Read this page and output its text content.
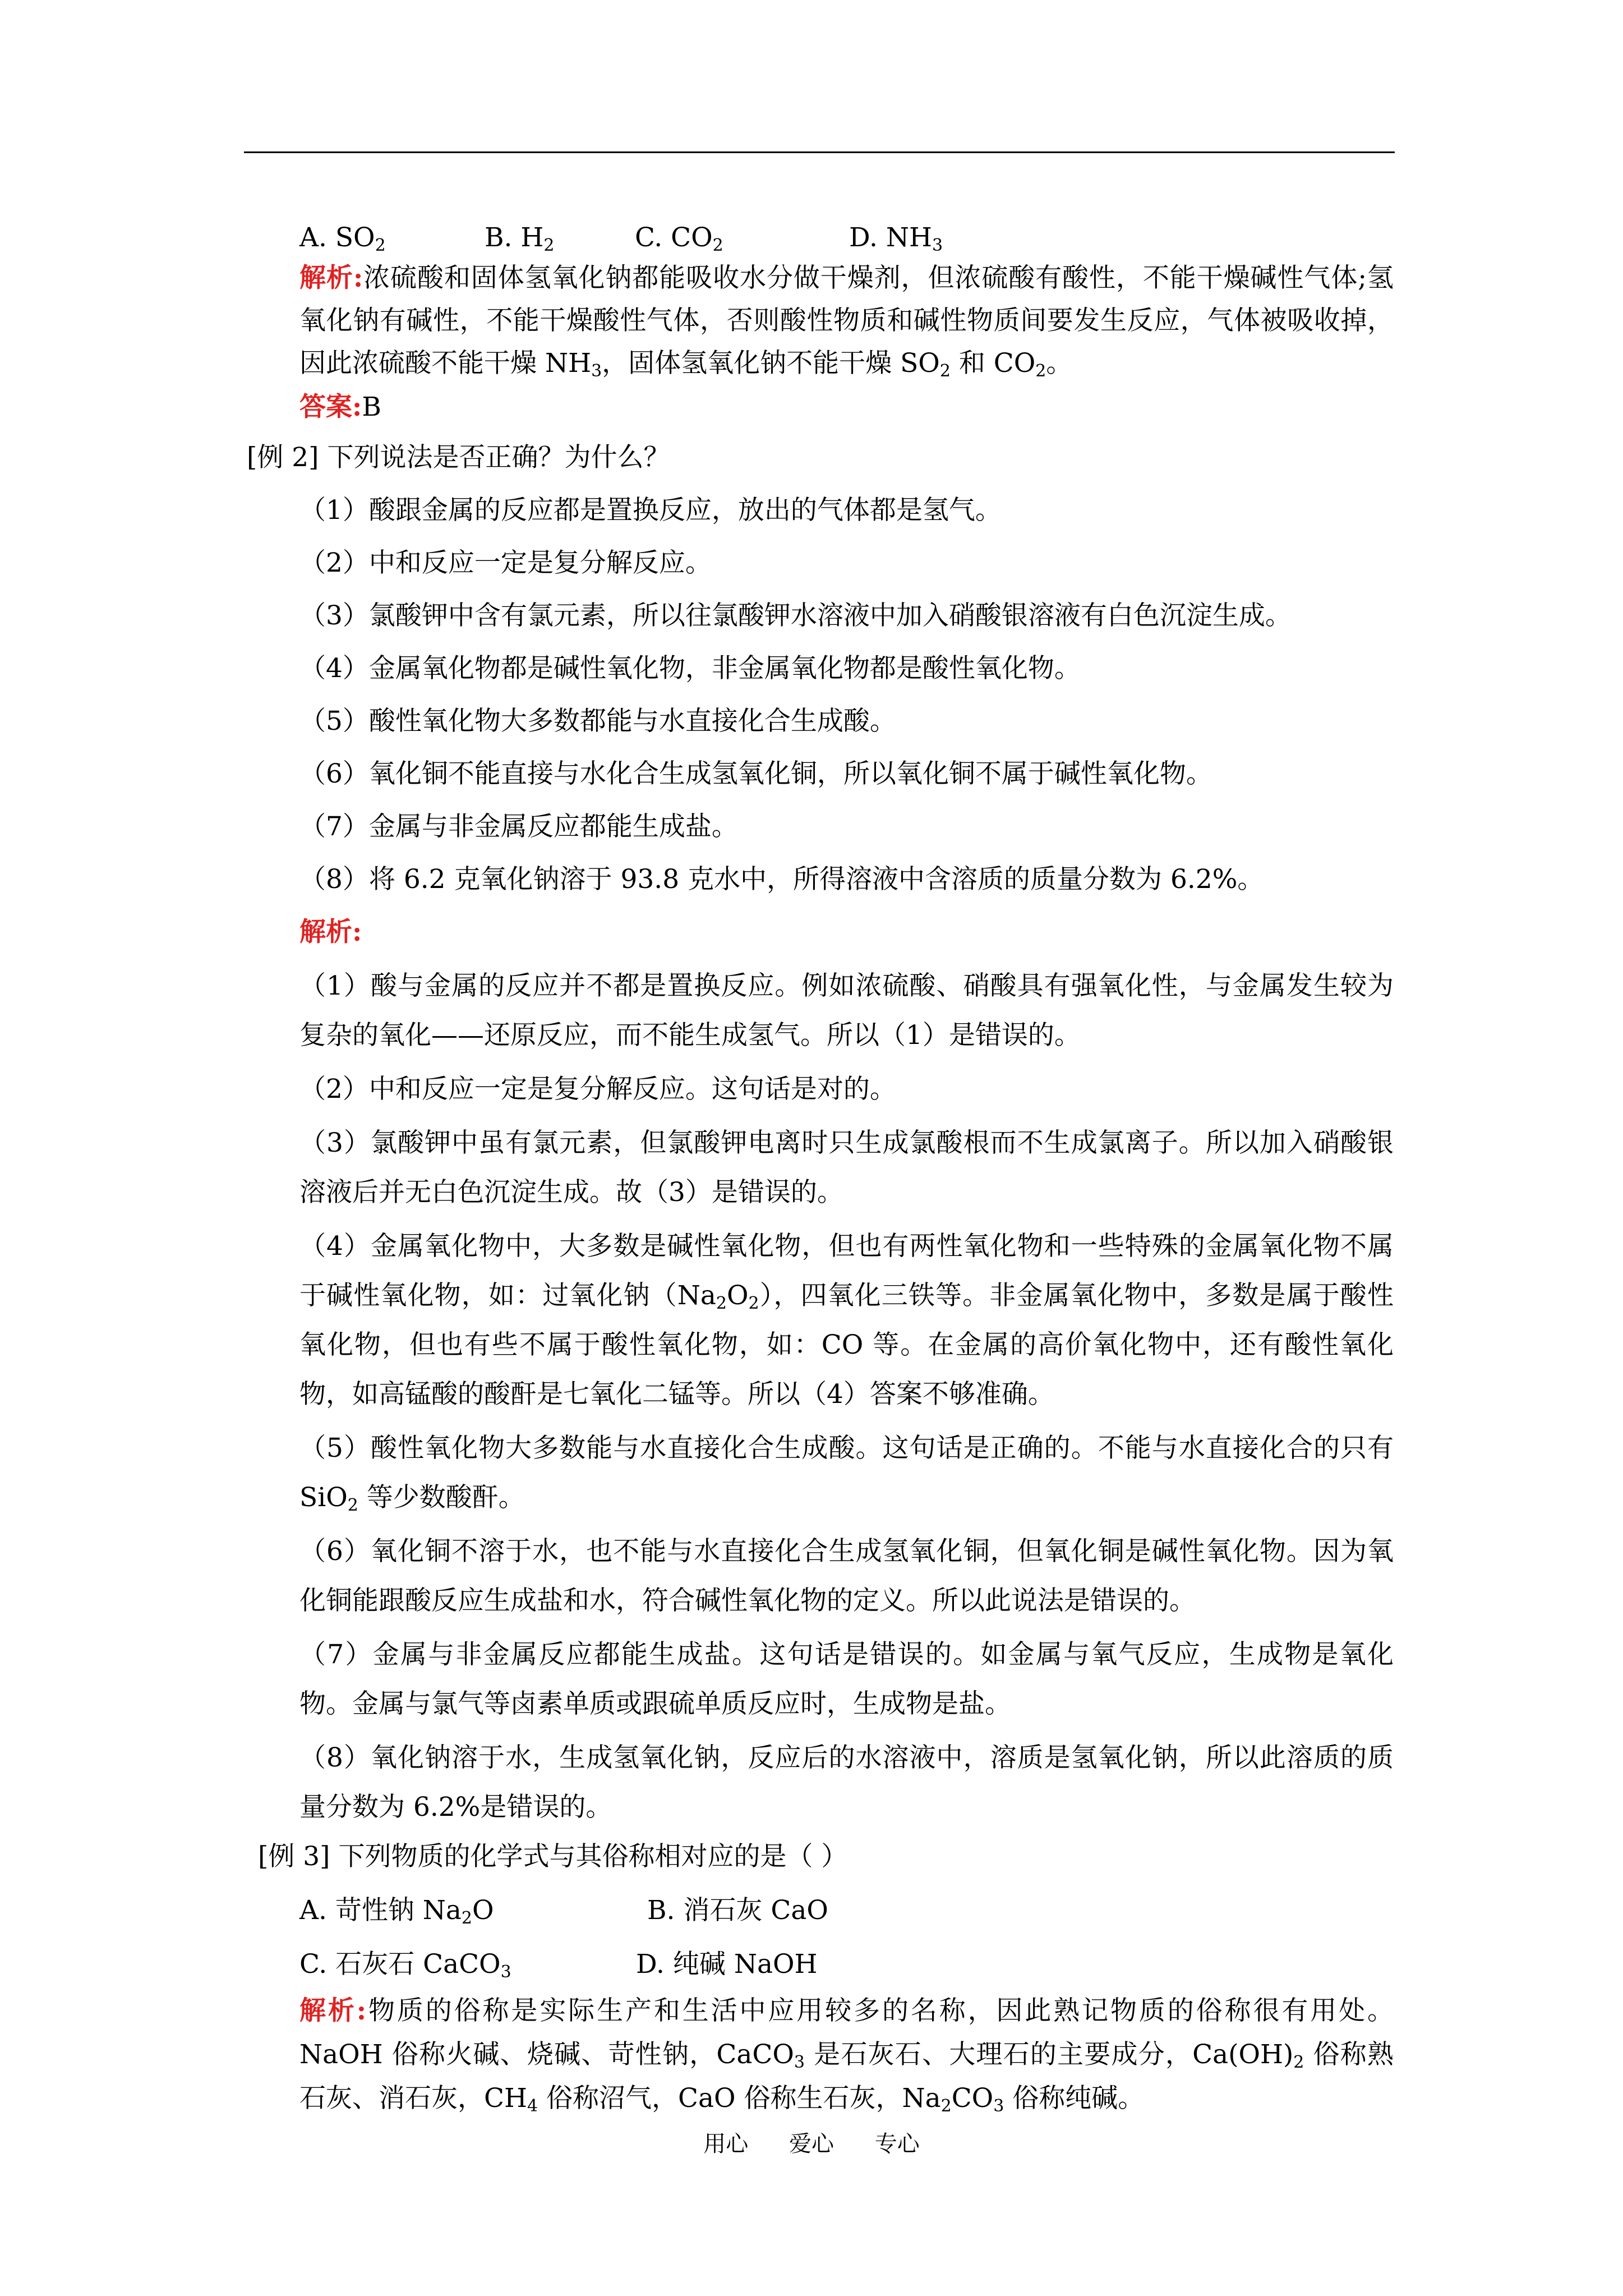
A. $SO_2$	B. $H_2$	C. $CO_2$	D. $NH_3$

解析:浓硫酸和固体氢氧化钠都能吸收水分做干燥剂，但浓硫酸有酸性，不能干燥碱性气体;氢氧化钠有碱性，不能干燥酸性气体，否则酸性物质和碱性物质间要发生反应，气体被吸收掉，因此浓硫酸不能干燥 $NH_3$，固体氢氧化钠不能干燥 $SO_2$ 和 $CO_2$。

答案:B
[例 2] 下列说法是否正确？为什么？
（1）酸跟金属的反应都是置换反应，放出的气体都是氢气。
（2）中和反应一定是复分解反应。
（3）氯酸钾中含有氯元素，所以往氯酸钾水溶液中加入硝酸银溶液有白色沉淀生成。
（4）金属氧化物都是碱性氧化物，非金属氧化物都是酸性氧化物。
（5）酸性氧化物大多数都能与水直接化合生成酸。
（6）氧化铜不能直接与水化合生成氢氧化铜，所以氧化铜不属于碱性氧化物。
（7）金属与非金属反应都能生成盐。
（8）将 6.2 克氧化钠溶于 93.8 克水中，所得溶液中含溶质的质量分数为 6.2%。
解析:

（1）酸与金属的反应并不都是置换反应。例如浓硫酸、硝酸具有强氧化性，与金属发生较为复杂的氧化——还原反应，而不能生成氢气。所以（1）是错误的。

（2）中和反应一定是复分解反应。这句话是对的。

（3）氯酸钾中虽有氯元素，但氯酸钾电离时只生成氯酸根而不生成氯离子。所以加入硝酸银溶液后并无白色沉淀生成。故（3）是错误的。

（4）金属氧化物中，大多数是碱性氧化物，但也有两性氧化物和一些特殊的金属氧化物不属于碱性氧化物，如：过氧化钠$(Na_2O_2)$，四氧化三铁等。非金属氧化物中，多数是属于酸性氧化物，但也有些不属于酸性氧化物，如：CO 等。在金属的高价氧化物中，还有酸性氧化物，如高锰酸的酸酐是七氧化二锰等。所以（4）答案不够准确。

（5）酸性氧化物大多数能与水直接化合生成酸。这句话是正确的。不能与水直接化合的只有 SiO$_2$ 等少数酸酐。

（6）氧化铜不溶于水，也不能与水直接化合生成氢氧化铜，但氧化铜是碱性氧化物。因为氧化铜能跟酸反应生成盐和水，符合碱性氧化物的定义。所以此说法是错误的。

（7）金属与非金属反应都能生成盐。这句话是错误的。如金属与氧气反应，生成物是氧化物。金属与氯气等卤素单质或跟硫单质反应时，生成物是盐。

（8）氧化钠溶于水，生成氢氧化钠，反应后的水溶液中，溶质是氢氧化钠，所以此溶质的质量分数为 6.2%是错误的。

[例 3] 下列物质的化学式与其俗称相对应的是（ ）
A. 苛性钠 $Na_2O$	B. 消石灰 CaO
C. 石灰石 CaCO$_3$	D. 纯碱 NaOH

解析:物质的俗称是实际生产和生活中应用较多的名称，因此熟记物质的俗称很有用处。NaOH 俗称火碱、烧碱、苛性钠，CaCO$_3$ 是石灰石、大理石的主要成分，$Ca(OH)_2$ 俗称熟石灰、消石灰，$CH_4$ 俗称沼气，CaO 俗称生石灰，$Na_2CO_3$ 俗称纯碱。

用心 爱心 专心
